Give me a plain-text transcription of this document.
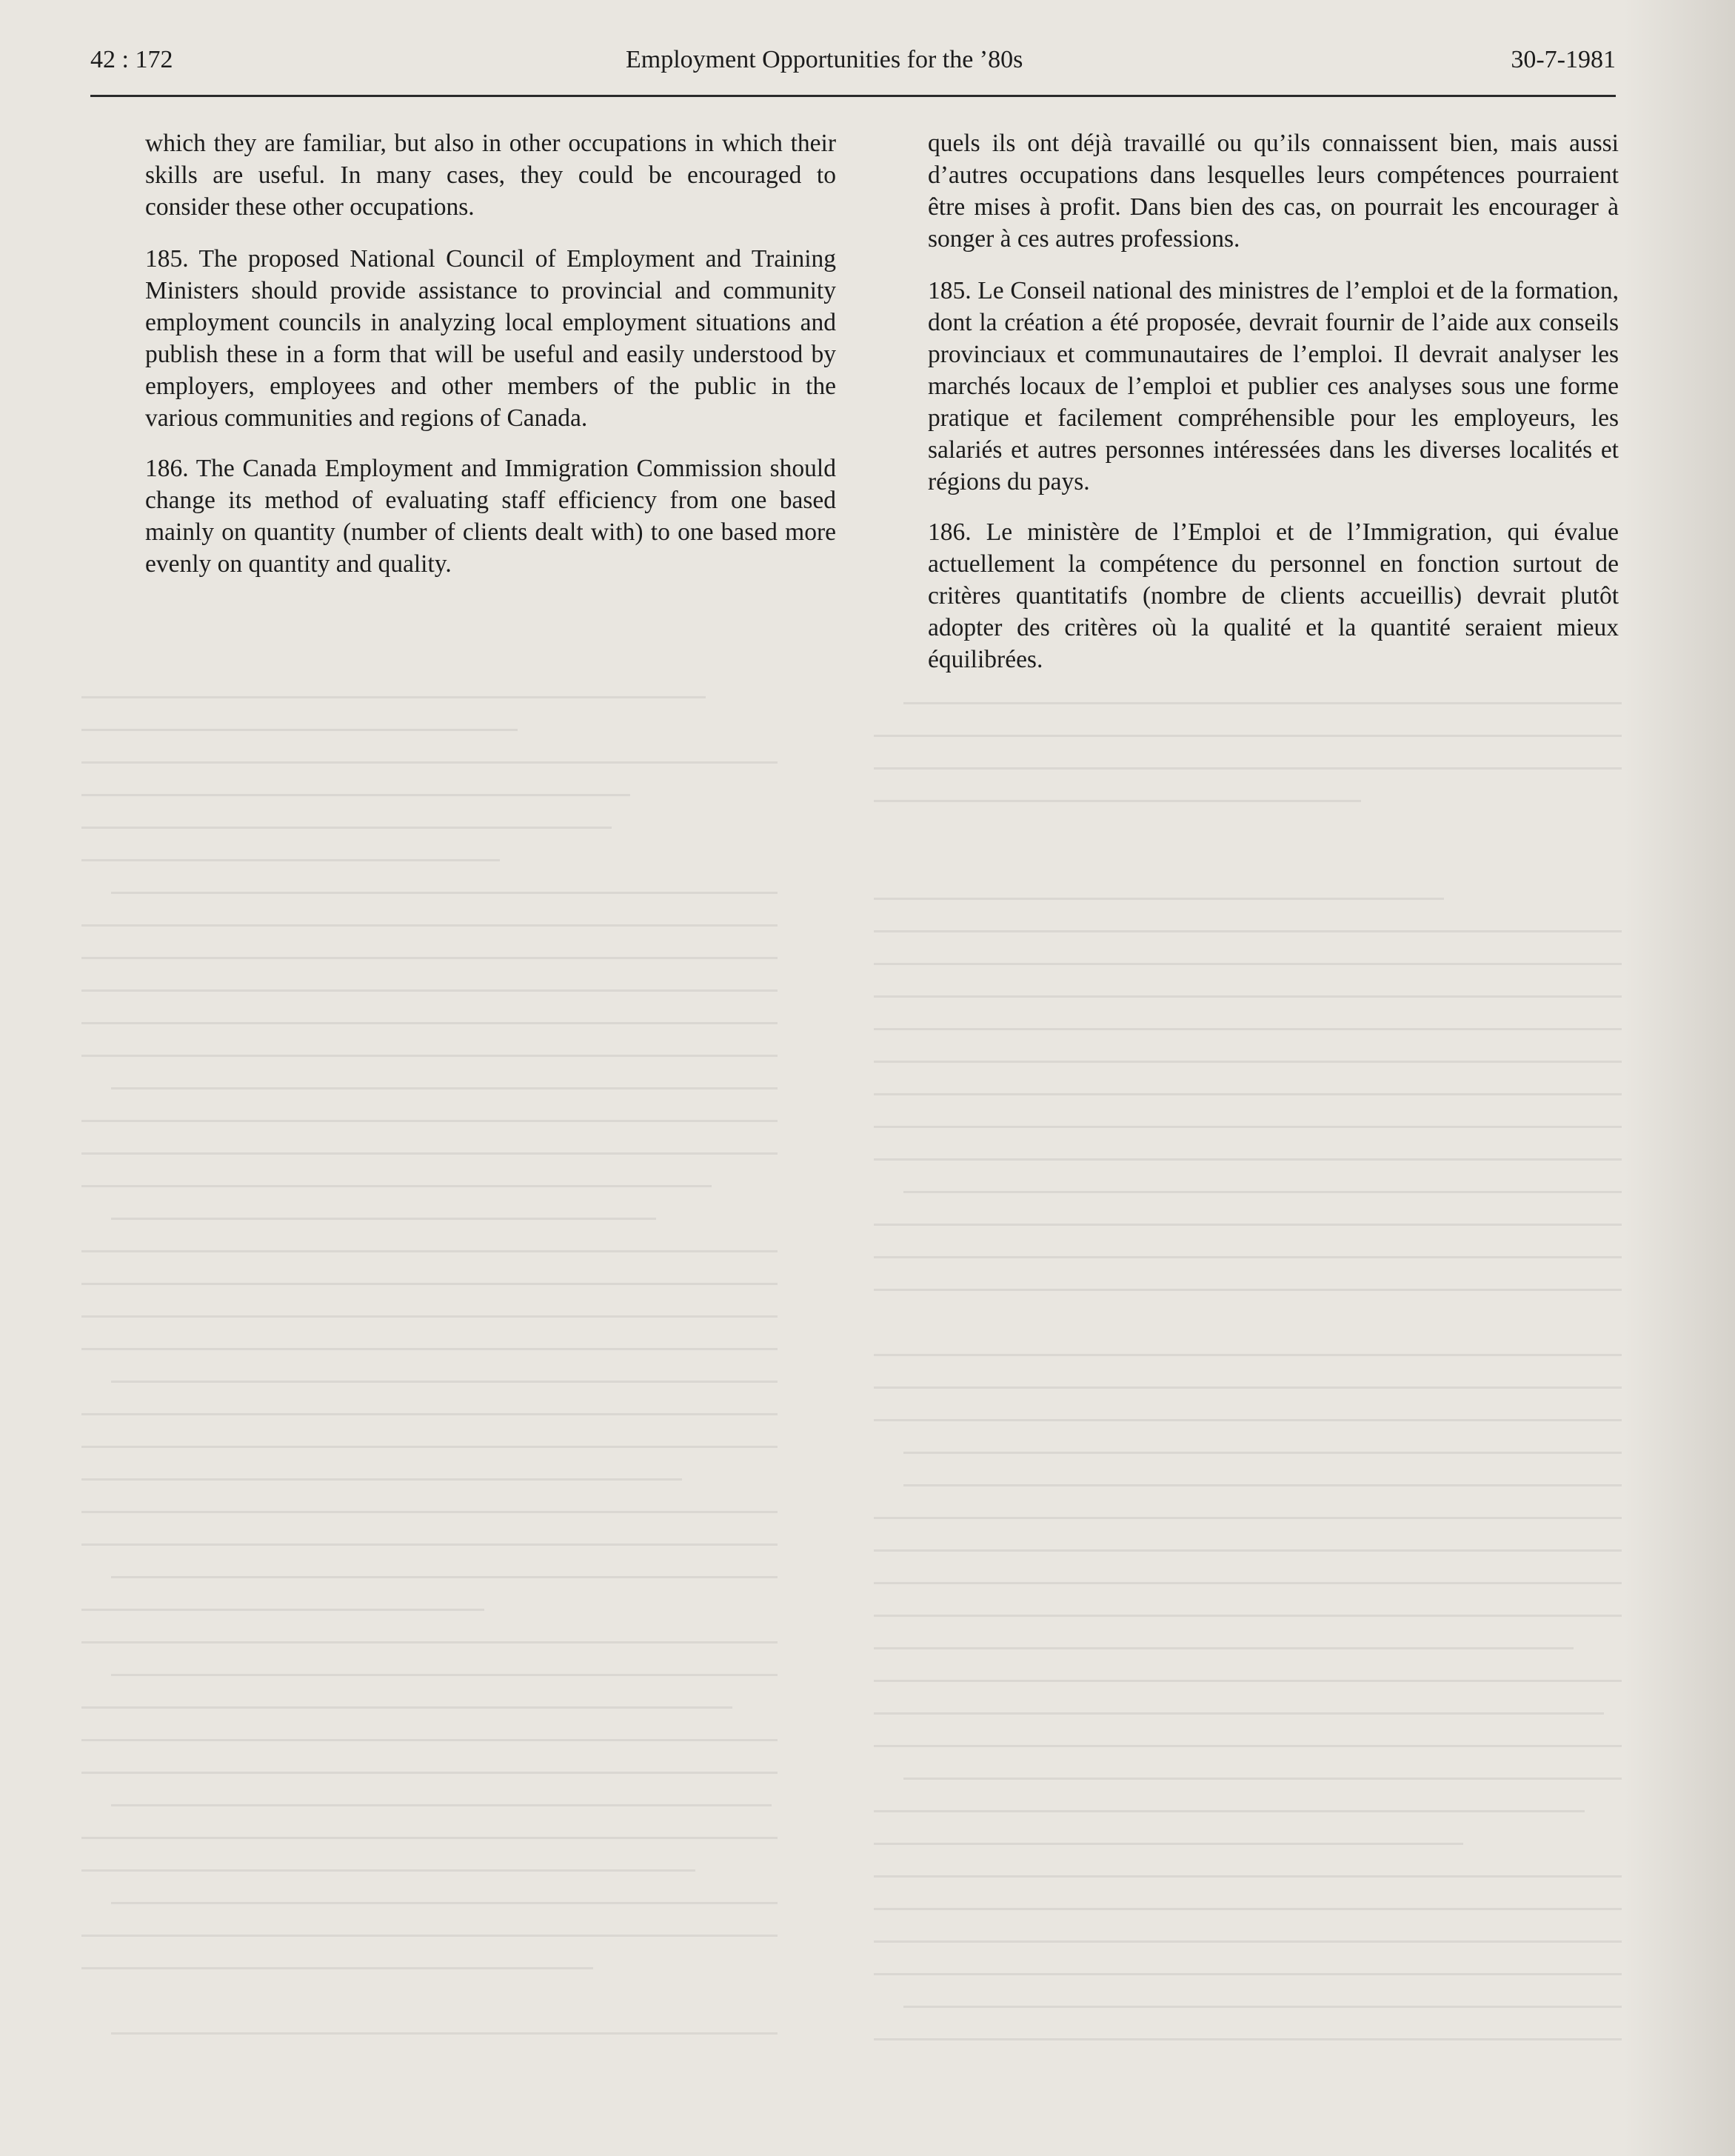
42 : 172	Employment Opportunities for the ’80s	30-7-1981

which they are familiar, but also in other occupations in which their skills are useful. In many cases, they could be encouraged to consider these other occupations.

185. The proposed National Council of Employment and Training Ministers should provide assistance to provincial and community employment councils in analyzing local employment situations and publish these in a form that will be useful and easily understood by employers, employees and other members of the public in the various communities and regions of Canada.

186. The Canada Employment and Immigration Commission should change its method of evaluating staff efficiency from one based mainly on quantity (number of clients dealt with) to one based more evenly on quantity and quality.

quels ils ont déjà travaillé ou qu’ils connaissent bien, mais aussi d’autres occupations dans lesquelles leurs compétences pourraient être mises à profit. Dans bien des cas, on pourrait les encourager à songer à ces autres professions.

185. Le Conseil national des ministres de l’emploi et de la formation, dont la création a été proposée, devrait fournir de l’aide aux conseils provinciaux et communautaires de l’emploi. Il devrait analyser les marchés locaux de l’emploi et publier ces analyses sous une forme pratique et facilement compréhensible pour les employeurs, les salariés et autres personnes intéressées dans les diverses localités et régions du pays.

186. Le ministère de l’Emploi et de l’Immigration, qui évalue actuellement la compétence du personnel en fonction surtout de critères quantitatifs (nombre de clients accueillis) devrait plutôt adopter des critères où la qualité et la quantité seraient mieux équilibrées.
